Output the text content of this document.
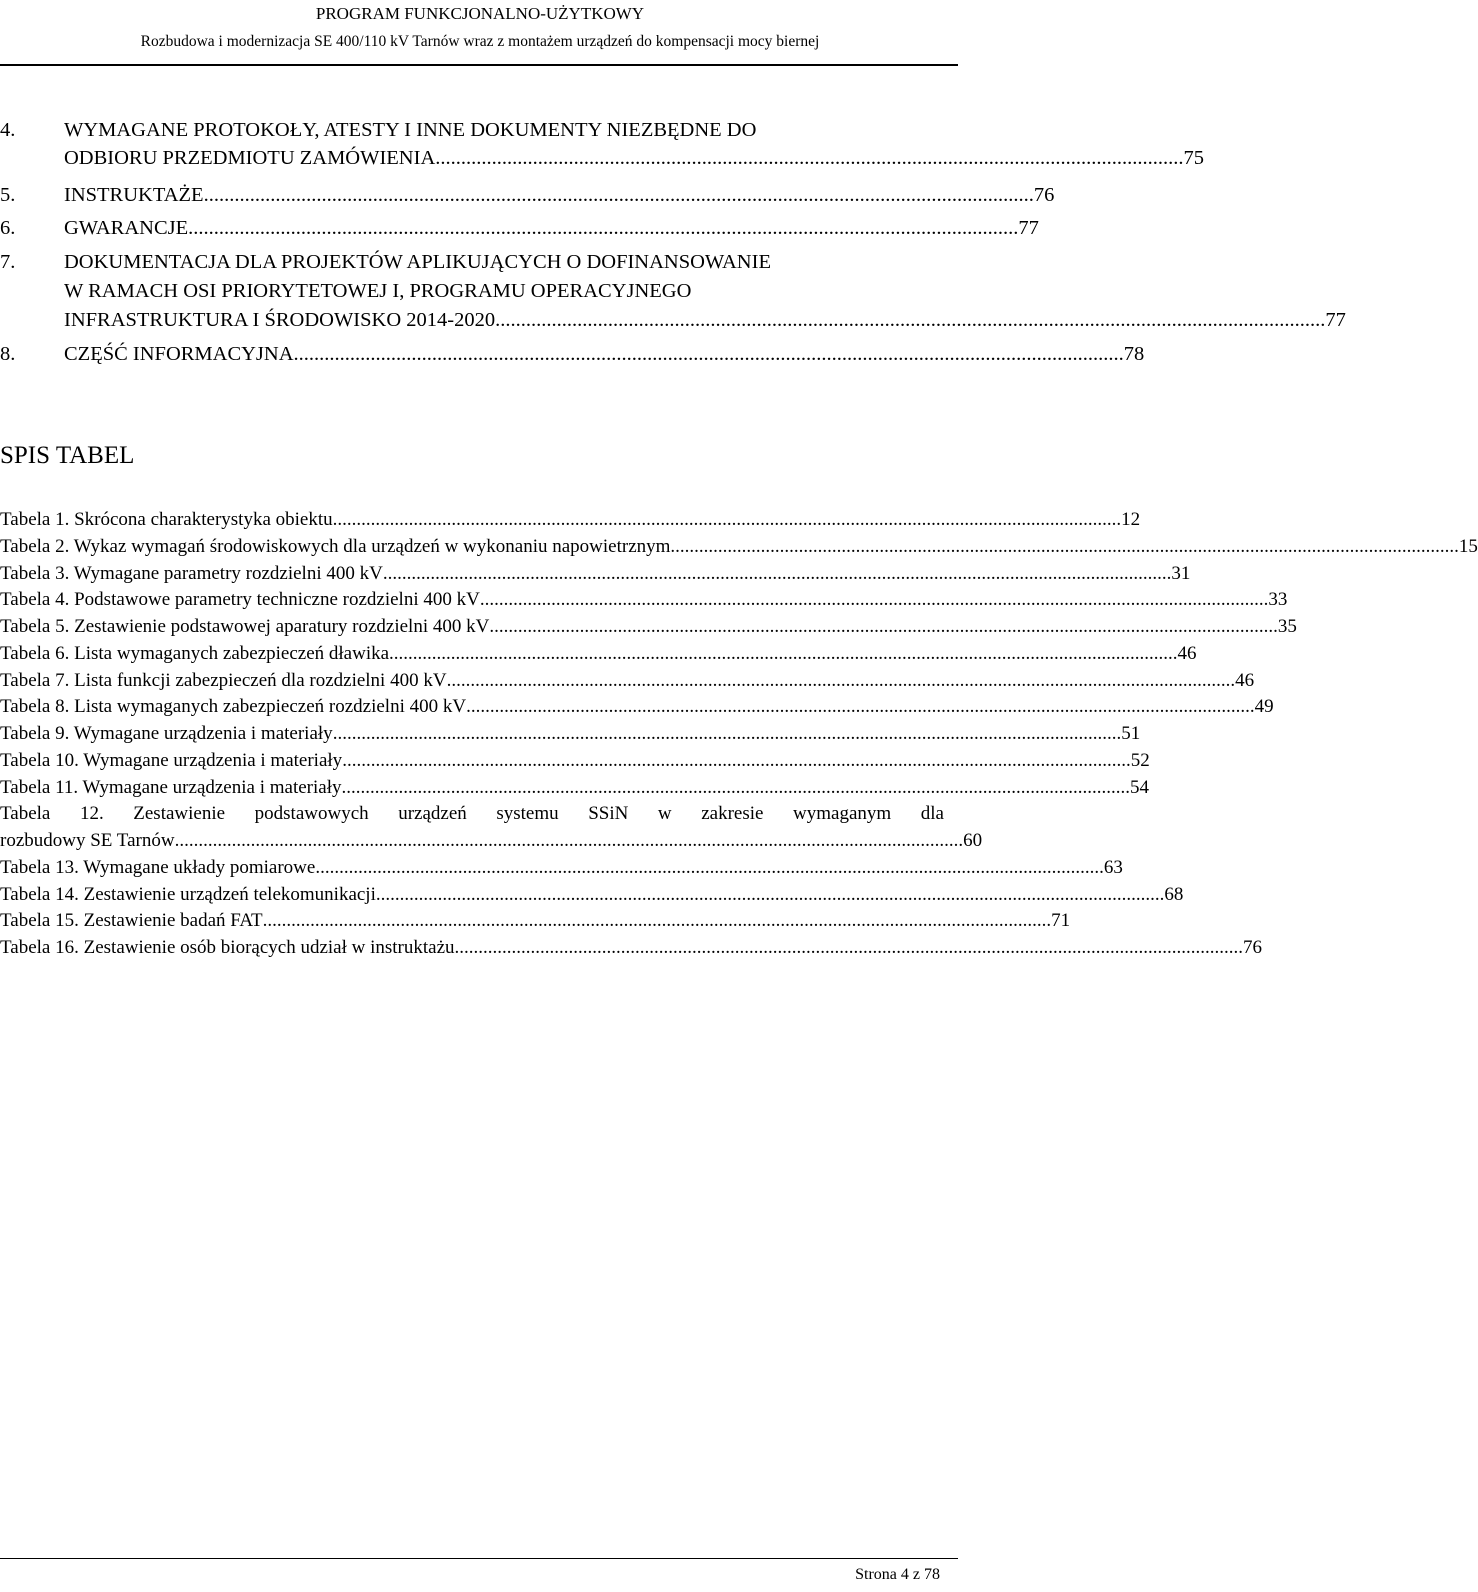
PROGRAM FUNKCJONALNO-UŻYTKOWY
Rozbudowa i modernizacja SE 400/110 kV Tarnów wraz z montażem urządzeń do kompensacji mocy biernej
4.	WYMAGANE PROTOKOŁY, ATESTY I INNE DOKUMENTY NIEZBĘDNE DO
ODBIORU PRZEDMIOTU ZAMÓWIENIA .................................................................................................................................................. 75
5.	INSTRUKTAŻE .................................................................................................................................................................. 76
6.	GWARANCJE .................................................................................................................................................................. 77
7.	DOKUMENTACJA DLA PROJEKTÓW APLIKUJĄCYCH O DOFINANSOWANIE
W RAMACH OSI PRIORYTETOWEJ I, PROGRAMU OPERACYJNEGO
INFRASTRUKTURA I ŚRODOWISKO 2014-2020 .................................................................................................................................................................. 77
8.	CZĘŚĆ INFORMACYJNA .................................................................................................................................................................. 78
SPIS TABEL
Tabela 1. Skrócona charakterystyka obiektu ...................................................................................................................................................................... 12
Tabela 2. Wykaz wymagań środowiskowych dla urządzeń w wykonaniu napowietrznym ...................................................................................................................................................................... 15
Tabela 3. Wymagane parametry rozdzielni 400 kV ...................................................................................................................................................................... 31
Tabela 4. Podstawowe parametry techniczne rozdzielni 400 kV ...................................................................................................................................................................... 33
Tabela 5. Zestawienie podstawowej aparatury rozdzielni 400 kV ...................................................................................................................................................................... 35
Tabela 6. Lista wymaganych zabezpieczeń dławika ...................................................................................................................................................................... 46
Tabela 7. Lista funkcji zabezpieczeń dla rozdzielni 400 kV ...................................................................................................................................................................... 46
Tabela 8. Lista wymaganych zabezpieczeń rozdzielni 400 kV ...................................................................................................................................................................... 49
Tabela 9. Wymagane urządzenia i materiały ...................................................................................................................................................................... 51
Tabela 10. Wymagane urządzenia i materiały ...................................................................................................................................................................... 52
Tabela 11. Wymagane urządzenia i materiały ...................................................................................................................................................................... 54
Tabela 12. Zestawienie podstawowych urządzeń systemu SSiN w zakresie wymaganym dla
rozbudowy SE Tarnów ...................................................................................................................................................................... 60
Tabela 13. Wymagane układy pomiarowe ...................................................................................................................................................................... 63
Tabela 14. Zestawienie urządzeń telekomunikacji ...................................................................................................................................................................... 68
Tabela 15. Zestawienie badań FAT ...................................................................................................................................................................... 71
Tabela 16. Zestawienie osób biorących udział w instruktażu ...................................................................................................................................................................... 76
Strona 4 z 78
